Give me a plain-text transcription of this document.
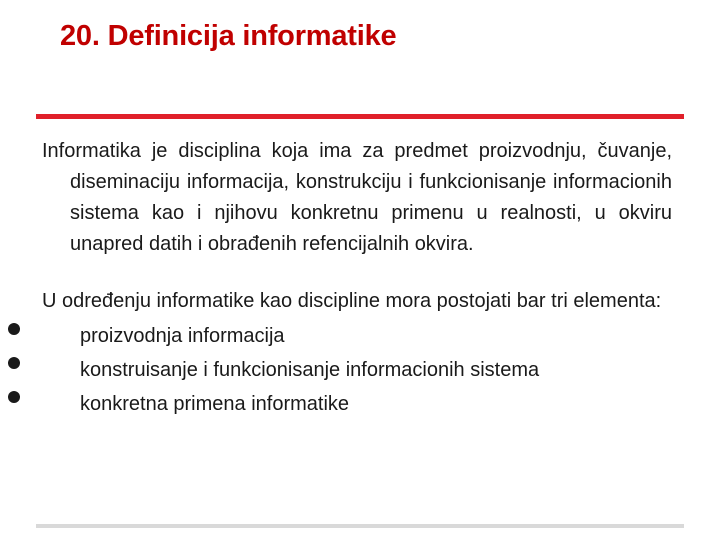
20. Definicija informatike

Informatika je disciplina koja ima za predmet proizvodnju, čuvanje, diseminaciju informacija, konstrukciju i funkcionisanje informacionih sistema kao i njihovu konkretnu primenu u realnosti, u okviru unapred datih i obrađenih refencijalnih okvira.

U određenju informatike kao discipline mora postojati bar tri elementa:

proizvodnja informacija
konstruisanje i funkcionisanje informacionih sistema
konkretna primena informatike
